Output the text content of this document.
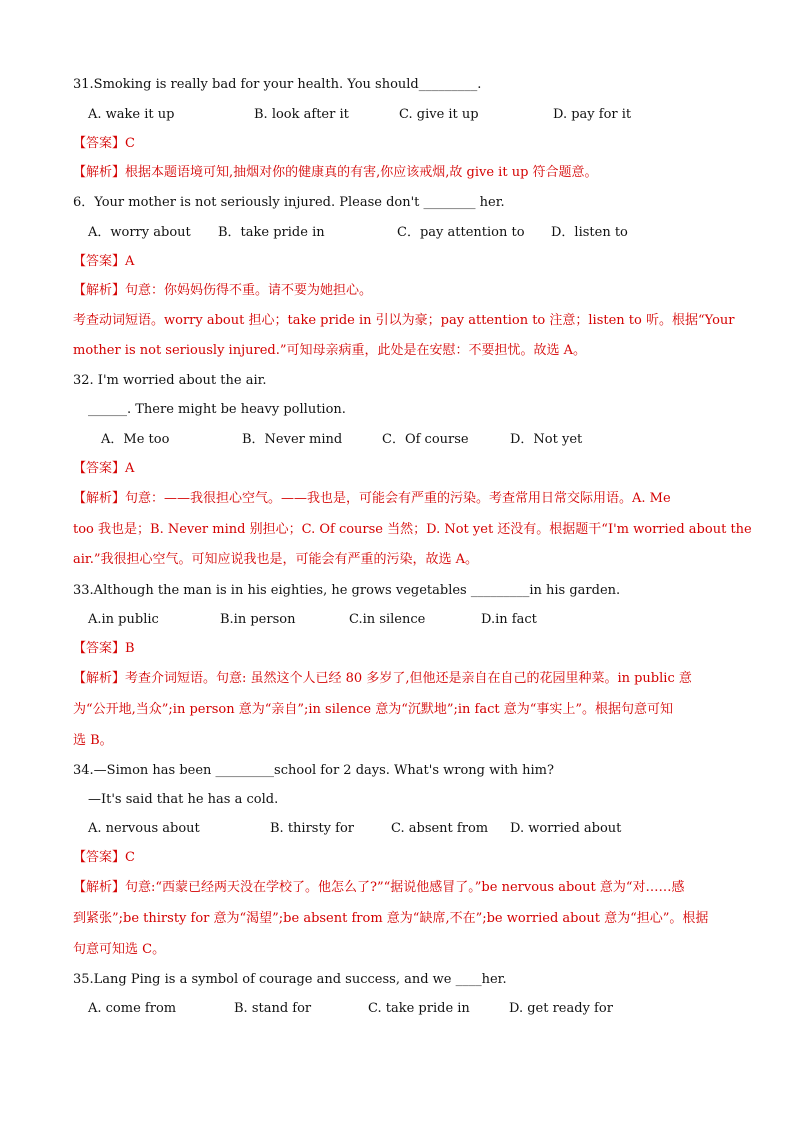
31.Smoking is really bad for your health. You should_________.
A. wake it up	B. look after it	C. give it up	D. pay for it
【答案】C
【解析】根据本题语境可知,抽烟对你的健康真的有害,你应该戒烟,故 give it up 符合题意。
6．Your mother is not seriously injured. Please don't ________ her.
A．worry about B．take pride in	C．pay attention to D．listen to
【答案】A
【解析】句意：你妈妈伤得不重。请不要为她担心。
考查动词短语。worry about 担心；take pride in 引以为豪；pay attention to 注意；listen to 听。根据“Your
mother is not seriously injured.”可知母亲病重，此处是在安慰：不要担忧。故选 A。
32. I'm worried about the air.
______. There might be heavy pollution.
A．Me too	B．Never mind	C．Of course	D．Not yet
【答案】A
【解析】句意：——我很担心空气。——我也是，可能会有严重的污染。考查常用日常交际用语。A. Me
too 我也是；B. Never mind 别担心；C. Of course 当然；D. Not yet 还没有。根据题干“I'm worried about the
air.”我很担心空气。可知应说我也是，可能会有严重的污染，故选 A。
33.Although the man is in his eighties, he grows vegetables _________in his garden.
A.in public	B.in person	C.in silence	D.in fact
【答案】B
【解析】考查介词短语。句意: 虽然这个人已经 80 多岁了,但他还是亲自在自己的花园里种菜。in public 意
为“公开地,当众”;in person 意为“亲自”;in silence 意为“沉默地”;in fact 意为“事实上”。根据句意可知
选 B。
34.—Simon has been _________school for 2 days. What's wrong with him?
—It's said that he has a cold.
A. nervous about	B. thirsty for	C. absent from D. worried about
【答案】C
【解析】句意:“西蒙已经两天没在学校了。他怎么了?”“据说他感冒了。”be nervous about 意为“对……感
到紧张”;be thirsty for 意为“渴望”;be absent from 意为“缺席,不在”;be worried about 意为“担心”。根据
句意可知选 C。
35.Lang Ping is a symbol of courage and success, and we ____her.
A. come from	B. stand for	C. take pride in	D. get ready for
